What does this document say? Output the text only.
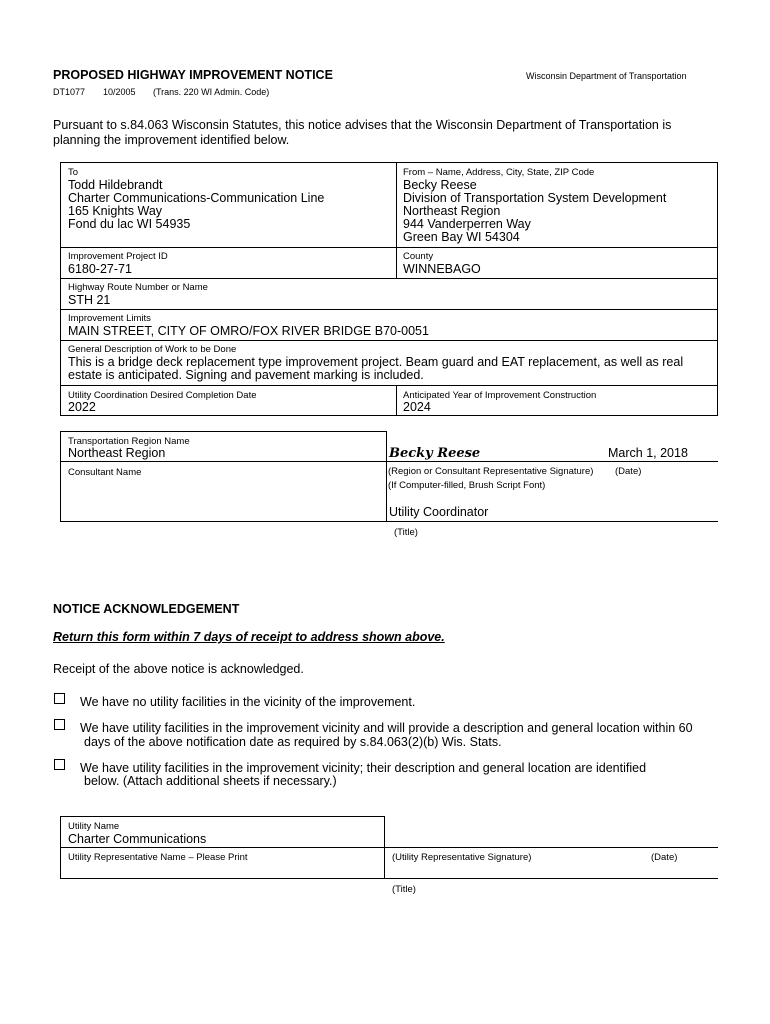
PROPOSED HIGHWAY IMPROVEMENT NOTICE	Wisconsin Department of Transportation
DT1077 10/2005 (Trans. 220 WI Admin. Code)
Pursuant to s.84.063 Wisconsin Statutes, this notice advises that the Wisconsin Department of Transportation is
planning the improvement identified below.
To
Todd Hildebrandt
Charter Communications-Communication Line
165 Knights Way
Fond du lac WI 54935
From – Name, Address, City, State, ZIP Code
Becky Reese
Division of Transportation System Development
Northeast Region
944 Vanderperren Way
Green Bay WI 54304
Improvement Project ID
6180-27-71
County
WINNEBAGO
Highway Route Number or Name
STH 21
Improvement Limits
MAIN STREET, CITY OF OMRO/FOX RIVER BRIDGE B70-0051
General Description of Work to be Done
This is a bridge deck replacement type improvement project. Beam guard and EAT replacement, as well as real
estate is anticipated. Signing and pavement marking is included.
Utility Coordination Desired Completion Date
2022
Anticipated Year of Improvement Construction
2024
Transportation Region Name
Northeast Region
Consultant Name
Becky Reese	March 1, 2018
(Region or Consultant Representative Signature) (Date)
(If Computer-filled, Brush Script Font)
Utility Coordinator
(Title)
NOTICE ACKNOWLEDGEMENT
Return this form within 7 days of receipt to address shown above.
Receipt of the above notice is acknowledged.
We have no utility facilities in the vicinity of the improvement.
We have utility facilities in the improvement vicinity and will provide a description and general location within 60
days of the above notification date as required by s.84.063(2)(b) Wis. Stats.
We have utility facilities in the improvement vicinity; their description and general location are identified
below. (Attach additional sheets if necessary.)
Utility Name
Charter Communications
Utility Representative Name – Please Print	(Utility Representative Signature)	(Date)
(Title)
